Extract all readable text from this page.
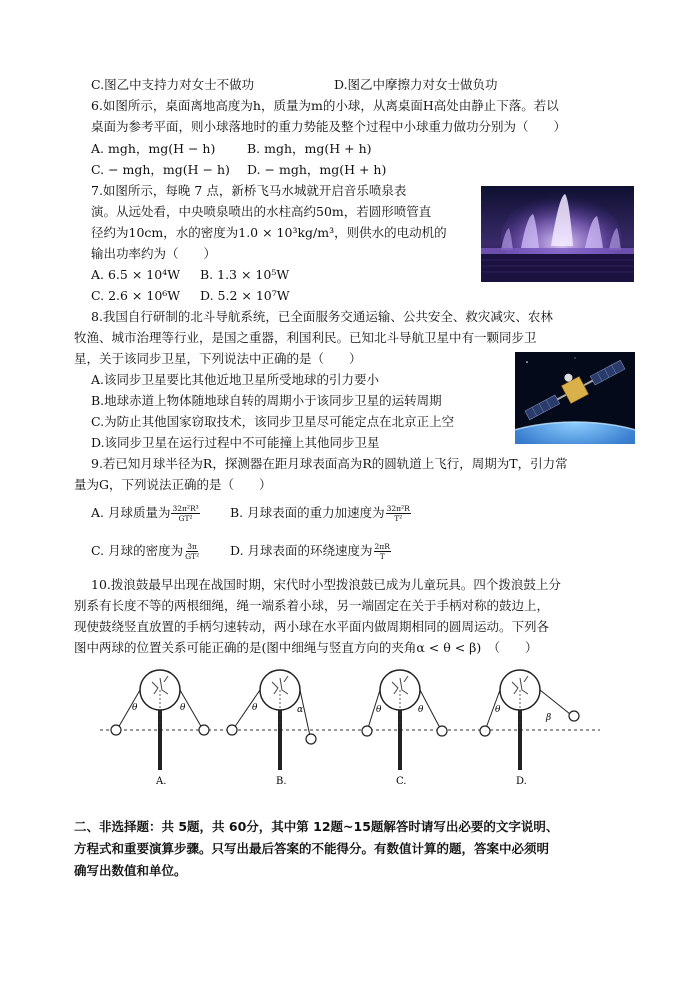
C.图乙中支持力对女士不做功	D.图乙中摩擦力对女士做负功
6.如图所示，桌面离地高度为h，质量为m的小球，从离桌面H高处由静止下落。若以
桌面为参考平面，则小球落地时的重力势能及整个过程中小球重力做功分别为（　　）
A. mgh，mg(H − h)	B. mgh，mg(H + h)
C. − mgh，mg(H − h) D. − mgh，mg(H + h)
7.如图所示，每晚 7 点，新桥飞马水城就开启音乐喷泉表
演。从远处看，中央喷泉喷出的水柱高约50m，若圆形喷管直
径约为10cm，水的密度为1.0 × 10³kg/m³，则供水的电动机的
输出功率约为（　　）
A. 6.5 × 10⁴W B. 1.3 × 10⁵W
C. 2.6 × 10⁶W D. 5.2 × 10⁷W
8.我国自行研制的北斗导航系统，已全面服务交通运输、公共安全、救灾减灾、农林
牧渔、城市治理等行业，是国之重器，利国利民。已知北斗导航卫星中有一颗同步卫
星，关于该同步卫星，下列说法中正确的是（　　）
A.该同步卫星要比其他近地卫星所受地球的引力要小
B.地球赤道上物体随地球自转的周期小于该同步卫星的运转周期
C.为防止其他国家窃取技术，该同步卫星尽可能定点在北京正上空
D.该同步卫星在运行过程中不可能撞上其他同步卫星
9.若已知月球半径为R，探测器在距月球表面高为R的圆轨道上飞行，周期为T，引力常
量为G，下列说法正确的是（　　）
A. 月球质量为 $\frac{\text{32π²R³}}{\text{GT²}} B$. 月球表面的重力加速度为 $\frac{\text{32π²R}}{\text{T²}}$
C. 月球的密度为 $\frac{3\pi}{\text{GT²}} D$. 月球表面的环绕速度为 $\frac{2\pi R}{T}$
10.拨浪鼓最早出现在战国时期，宋代时小型拨浪鼓已成为儿童玩具。四个拨浪鼓上分
别系有长度不等的两根细绳，绳一端系着小球，另一端固定在关于手柄对称的鼓边上，
现使鼓绕竖直放置的手柄匀速转动，两小球在水平面内做周期相同的圆周运动。下列各
图中两球的位置关系可能正确的是(图中细绳与竖直方向的夹角α < θ < β)　（　　）
θ	θ
A.
θ	α
B.
θ	θ
C.
θ
β
D.
二、非选择题：共 5题，共 60分，其中第 12题~15题解答时请写出必要的文字说明、
方程式和重要演算步骤。只写出最后答案的不能得分。有数值计算的题，答案中必须明
确写出数值和单位。
